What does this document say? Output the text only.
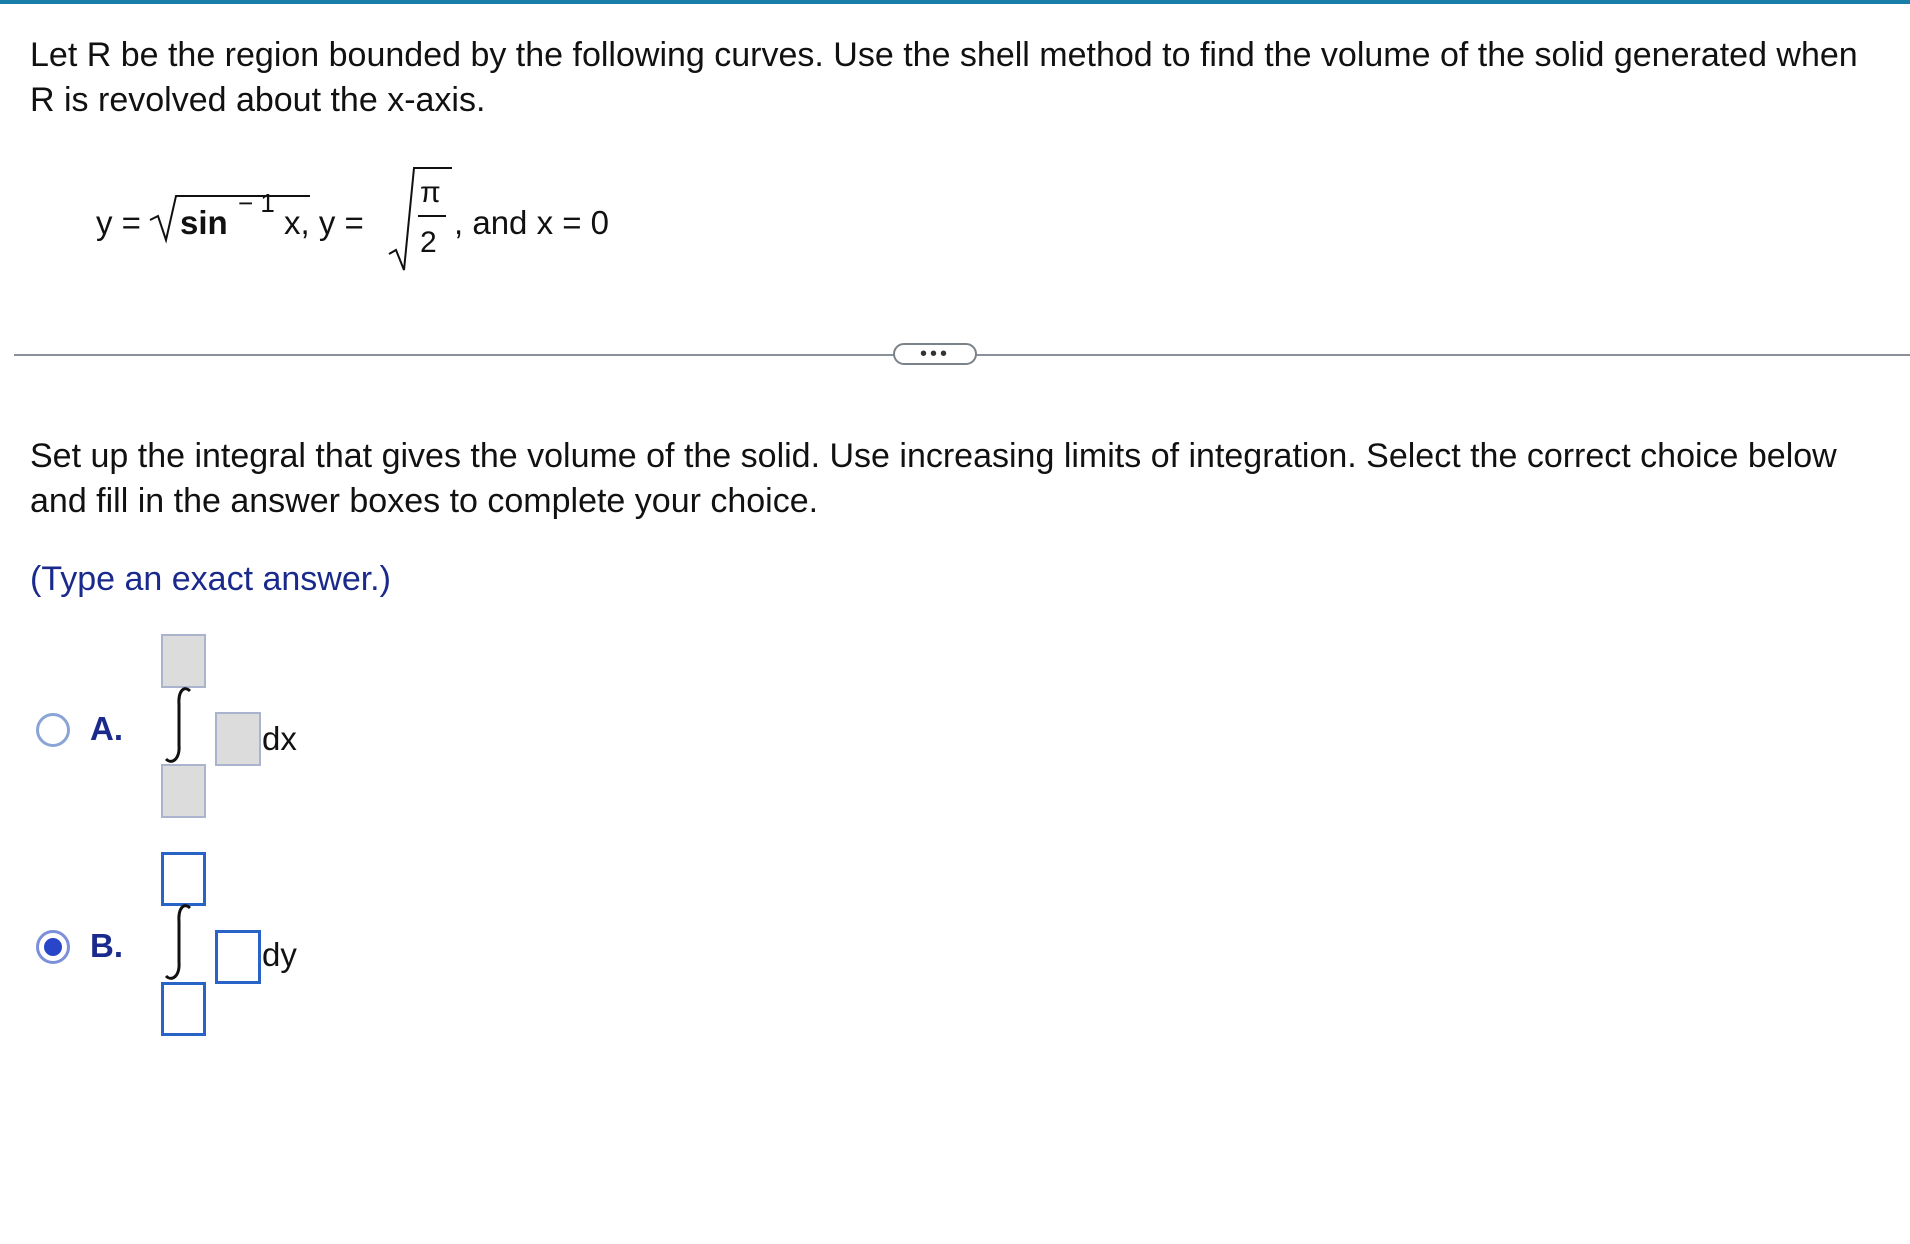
Let R be the region bounded by the following curves. Use the shell method to find the volume of the solid generated when R is revolved about the x-axis.
y = sin
− 1
x, y =
π
2
, and x = 0
•••
Set up the integral that gives the volume of the solid. Use increasing limits of integration. Select the correct choice below and fill in the answer boxes to complete your choice.
(Type an exact answer.)
A.	dx
B.	dy
